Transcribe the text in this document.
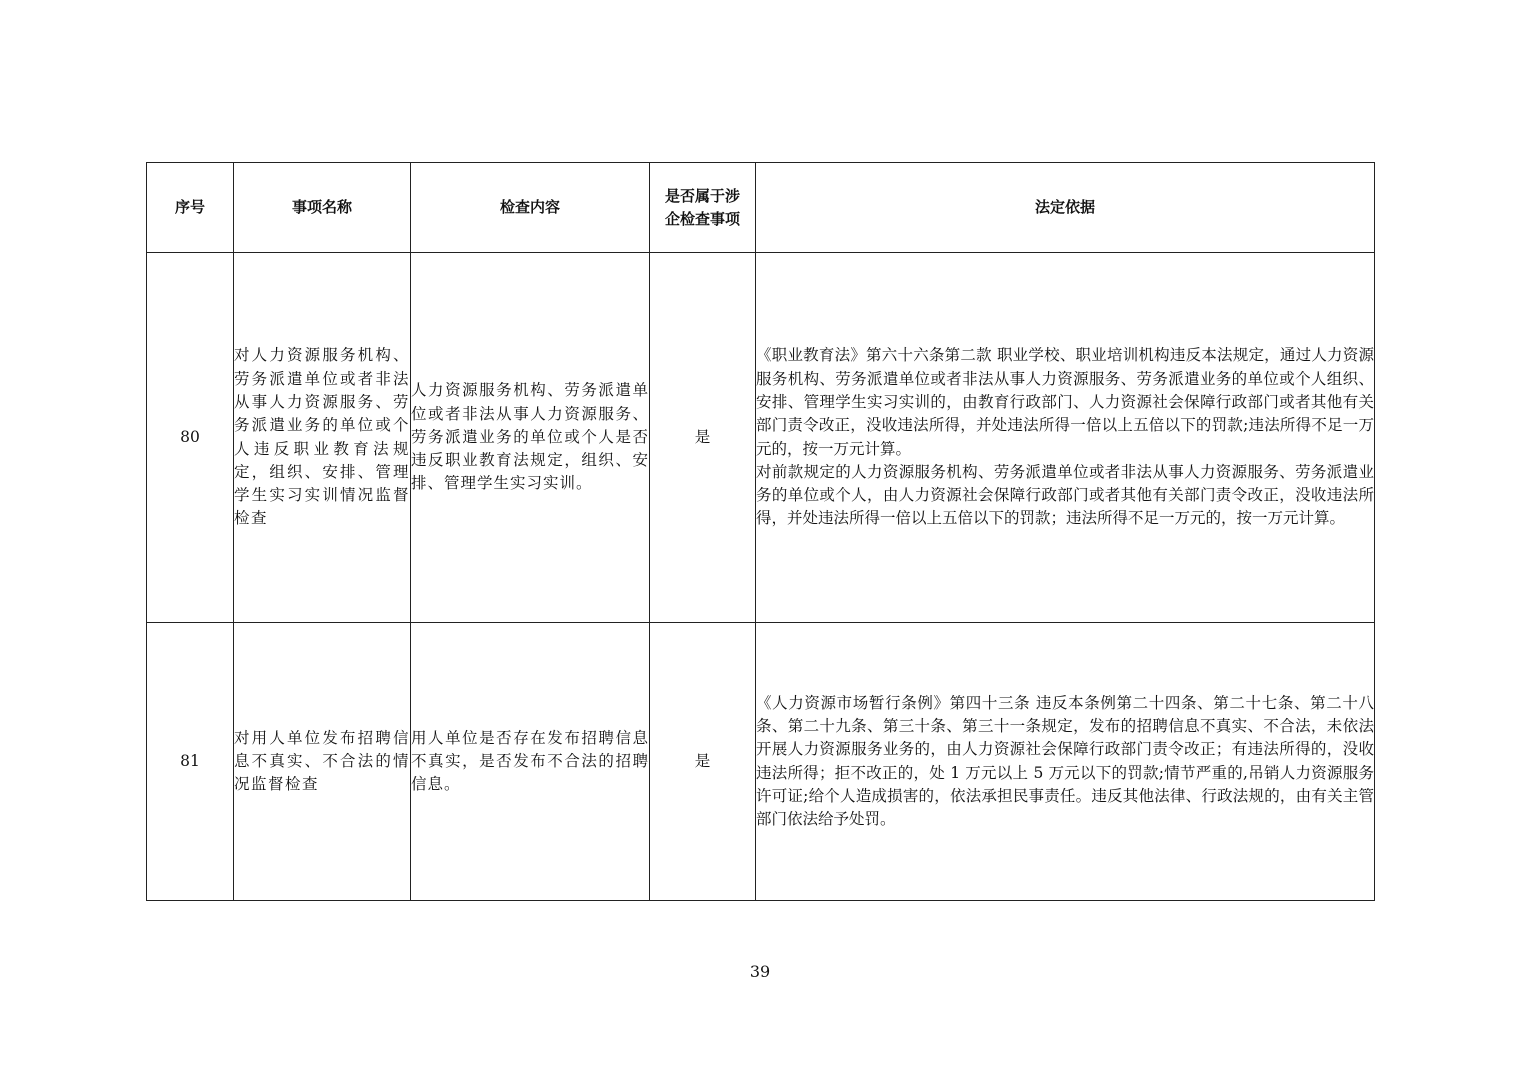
序号	事项名称	检查内容	是否属于涉企检查事项	法定依据
80	对人力资源服务机构、劳务派遣单位或者非法从事人力资源服务、劳务派遣业务的单位或个人违反职业教育法规定，组织、安排、管理学生实习实训情况监督检查	人力资源服务机构、劳务派遣单位或者非法从事人力资源服务、劳务派遣业务的单位或个人是否违反职业教育法规定，组织、安排、管理学生实习实训。	是	《职业教育法》第六十六条第二款 职业学校、职业培训机构违反本法规定，通过人力资源服务机构、劳务派遣单位或者非法从事人力资源服务、劳务派遣业务的单位或个人组织、安排、管理学生实习实训的，由教育行政部门、人力资源社会保障行政部门或者其他有关部门责令改正，没收违法所得，并处违法所得一倍以上五倍以下的罚款;违法所得不足一万元的，按一万元计算。

对前款规定的人力资源服务机构、劳务派遣单位或者非法从事人力资源服务、劳务派遣业务的单位或个人，由人力资源社会保障行政部门或者其他有关部门责令改正，没收违法所得，并处违法所得一倍以上五倍以下的罚款；违法所得不足一万元的，按一万元计算。

81	对用人单位发布招聘信息不真实、不合法的情况监督检查	用人单位是否存在发布招聘信息不真实，是否发布不合法的招聘信息。	是	《人力资源市场暂行条例》第四十三条 违反本条例第二十四条、第二十七条、第二十八条、第二十九条、第三十条、第三十一条规定，发布的招聘信息不真实、不合法，未依法开展人力资源服务业务的，由人力资源社会保障行政部门责令改正；有违法所得的，没收违法所得；拒不改正的，处 1 万元以上 5 万元以下的罚款;情节严重的,吊销人力资源服务许可证;给个人造成损害的，依法承担民事责任。违反其他法律、行政法规的，由有关主管部门依法给予处罚。

39
